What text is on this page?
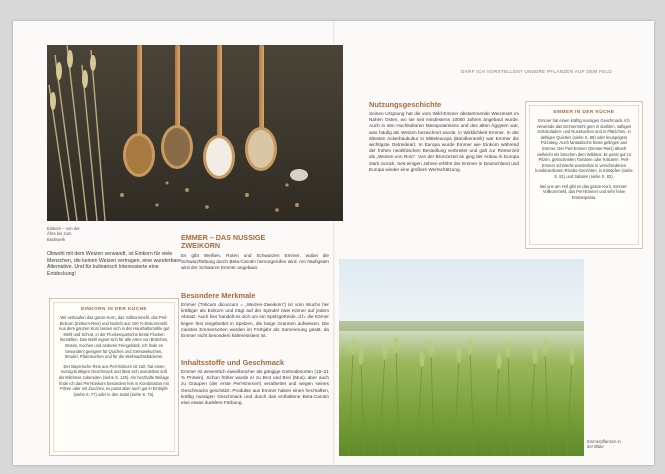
Einkorn – von der Ähre bis zum Backwerk
Obwohl mit dem Weizen verwandt, ist Einkorn für viele Menschen, die keinen Weizen vertragen, eine wunderbare Alternative. Und für kulinarisch Interessierte eine Entdeckung!
EINKORN IN DER KÜCHE
Wir verkaufen das ganze Korn, das Vollkornmehl, das Perl-Einkorn (Einkorn-Reis) und Nudeln aus 100 % Einkornmehl. Aus dem ganzen Korn lassen sich in der Haushaltsmühle gut Mehl und Schrot, in der Flockenquetsche beste Flocken herstellen. Das Mehl eignet sich für alle Arten von Brötchen, Broten, Kuchen und anderen Feingebäck. Ich finde es besonders geeignet für Quiches und Gemüsekuchen, Strudel, Pfannkuchen und für die Weihnachtsbäckerei.
Der Bayerische Reis aus Perl-Einkorn ist zart, hat einen nussig-buttrigen Geschmack und lässt sich wunderbar süß als Milchreis zubereiten (siehe S. 125). Als herzhafte Beilage finde ich das Perl-Einkorn besonders fein in Kombination mit Pilzen oder mit Zucchini, es passt aber auch gut in Eintöpfe (siehe S. 77) oder in den Salat (siehe S. 75).
EMMER – DAS NUSSIGE
ZWEIKORN
Es gibt Weißen, Roten und Schwarzen Emmer, wobei die Schwarzfärbung durch Beta-Carotin hervorgerufen wird. Am häufigsten wird der Schwarze Emmer angebaut.
Besondere Merkmale
Emmer (Triticum dicoccum = „Weizen-Zweikorn“) ist vom Wuchs her kräftiger als Einkorn und trägt auf der Spindel zwei Körner auf jedem Absatz. Auch hier handelt es sich um ein Spelzgetreide, d.h. die Körner liegen fest eingebettet in Spelzen, die lange Grannen aufweisen. Die meisten Emmersorten werden im Frühjahr als Sommerung gesät, da Emmer nicht besonders kälteresistent ist.
Inhaltsstoffe und Geschmack
Emmer ist wesentlich eiweißreicher als gängige Getreidesorten (15–21 % Protein). Schon früher wurde er zu Brot und Brei (Mus), aber auch zu Graupen (der erste Perl-Emmer!) verarbeitet und wegen seines Geschmacks geschätzt. Produkte aus Emmer haben einen herzhaften, kräftig nussigen Geschmack und durch das enthaltene Beta-Carotin eine etwas dunklere Färbung.
DARF ICH VORSTELLEN? UNSERE PFLANZEN AUF DEM FELD
Nutzungsgeschichte
Seinen Ursprung hat die vom Wild-Emmer abstammende Weizenart im Nahen Osten, wo sie seit mindestens 10000 Jahren angebaut wurde. Auch in den Hochkulturen Mesopotamiens und des alten Ägypten war, was häufig als Weizen bezeichnet wurde, in Wirklichkeit Emmer. In der ältesten Ackerbaukultur in Mitteleuropa (Bandkeramik) war Emmer die wichtigste Getreideart. In Europa wurde Emmer wie Einkorn während der frühen neolithischen Besiedlung verbreitet und galt zur Römerzeit als „Weizen von Rom“. Von der Bronzezeit an ging der Anbau in Europa stark zurück. Seit einigen Jahren erfährt der Emmer in Deutschland und Europa wieder eine größere Wertschätzung.
EMMER IN DER KÜCHE
Emmer hat einen kräftig nussigen Geschmack. Ich verwende das Emmermehl gern in dunklen, saftigen Schokoladen- und Nusskuchen und in Plätzchen, in deftigen Quiches (siehe S. 98) oder knusprigem Pizzateig. Auch fantastische Brote gelingen aus Emmer. Der Perl-Emmer (Emmer-Reis) ähnelt vielleicht ein bisschen dem Wildreis. Er passt gut zu Pilzen, getrockneten Tomaten oder Kräutern. Perl-Emmer schmeckt wunderbar in verschiedenen kombinierbaren Risotto-Gerichten, in Eintöpfen (siehe S. 81) und Salaten (siehe S. 82).
Bei uns am Hof gibt es das ganze Korn, Emmer-Vollkornmehl, das Perl-Emmer und sehr feine Emmerpasta.
Emmerpflanzen in der Blüte
